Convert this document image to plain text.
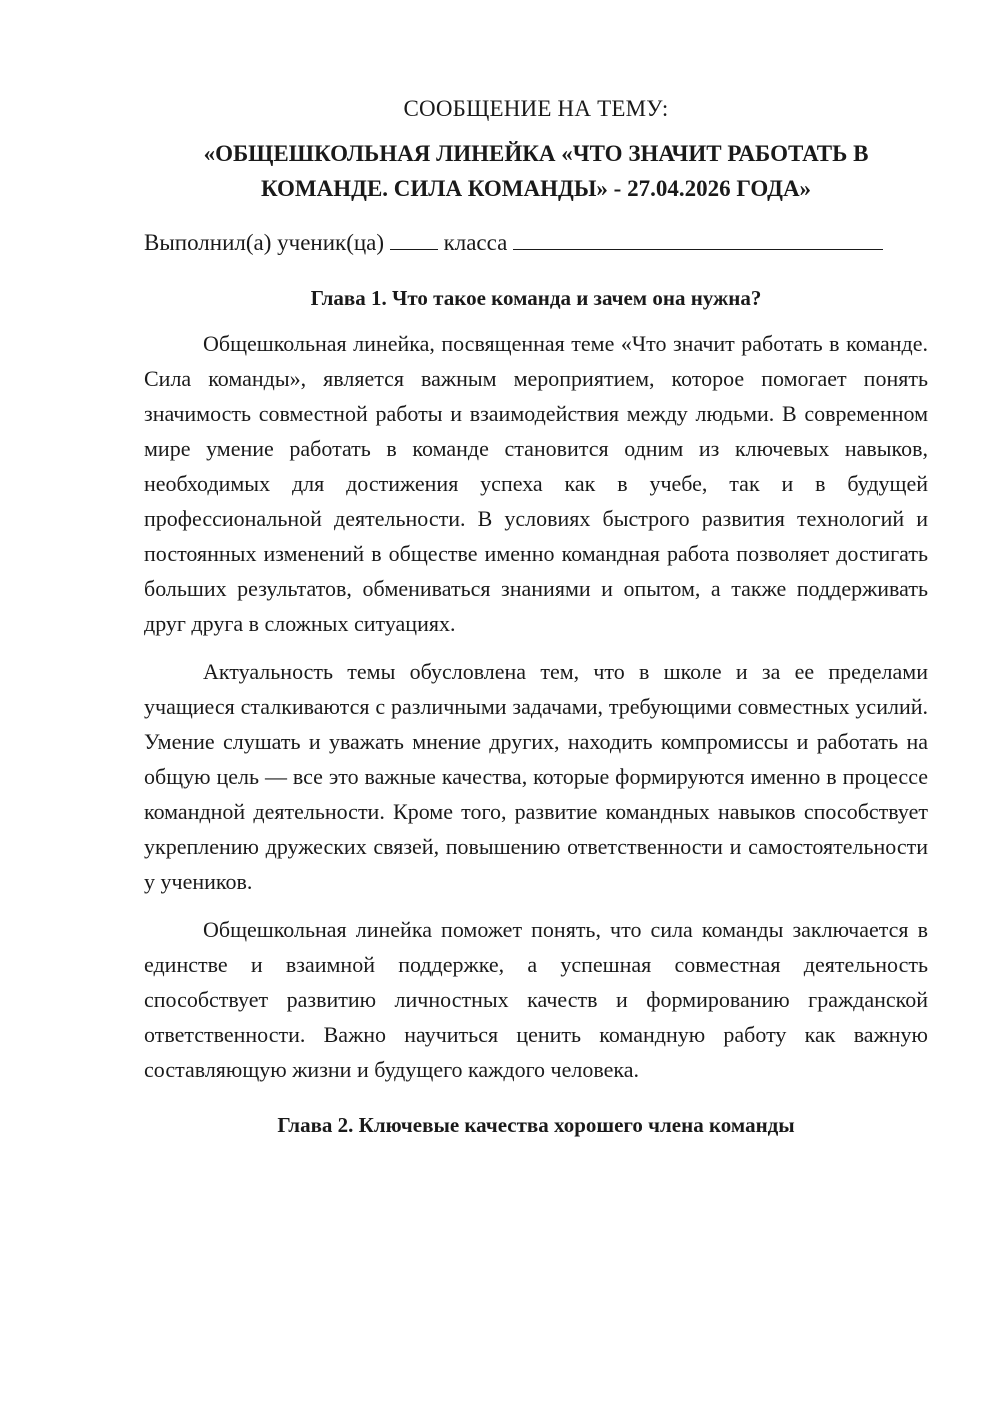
СООБЩЕНИЕ НА ТЕМУ:
«ОБЩЕШКОЛЬНАЯ ЛИНЕЙКА «ЧТО ЗНАЧИТ РАБОТАТЬ В КОМАНДЕ. СИЛА КОМАНДЫ» - 27.04.2026 ГОДА»
Выполнил(а) ученик(ца)	класса
Глава 1. Что такое команда и зачем она нужна?

Общешкольная линейка, посвященная теме «Что значит работать в команде. Сила команды», является важным мероприятием, которое помогает понять значимость совместной работы и взаимодействия между людьми. В современном мире умение работать в команде становится одним из ключевых навыков, необходимых для достижения успеха как в учебе, так и в будущей профессиональной деятельности. В условиях быстрого развития технологий и постоянных изменений в обществе именно командная работа позволяет достигать больших результатов, обмениваться знаниями и опытом, а также поддерживать друг друга в сложных ситуациях.

Актуальность темы обусловлена тем, что в школе и за ее пределами учащиеся сталкиваются с различными задачами, требующими совместных усилий. Умение слушать и уважать мнение других, находить компромиссы и работать на общую цель — все это важные качества, которые формируются именно в процессе командной деятельности. Кроме того, развитие командных навыков способствует укреплению дружеских связей, повышению ответственности и самостоятельности у учеников.

Общешкольная линейка поможет понять, что сила команды заключается в единстве и взаимной поддержке, а успешная совместная деятельность способствует развитию личностных качеств и формированию гражданской ответственности. Важно научиться ценить командную работу как важную составляющую жизни и будущего каждого человека.

Глава 2. Ключевые качества хорошего члена команды
